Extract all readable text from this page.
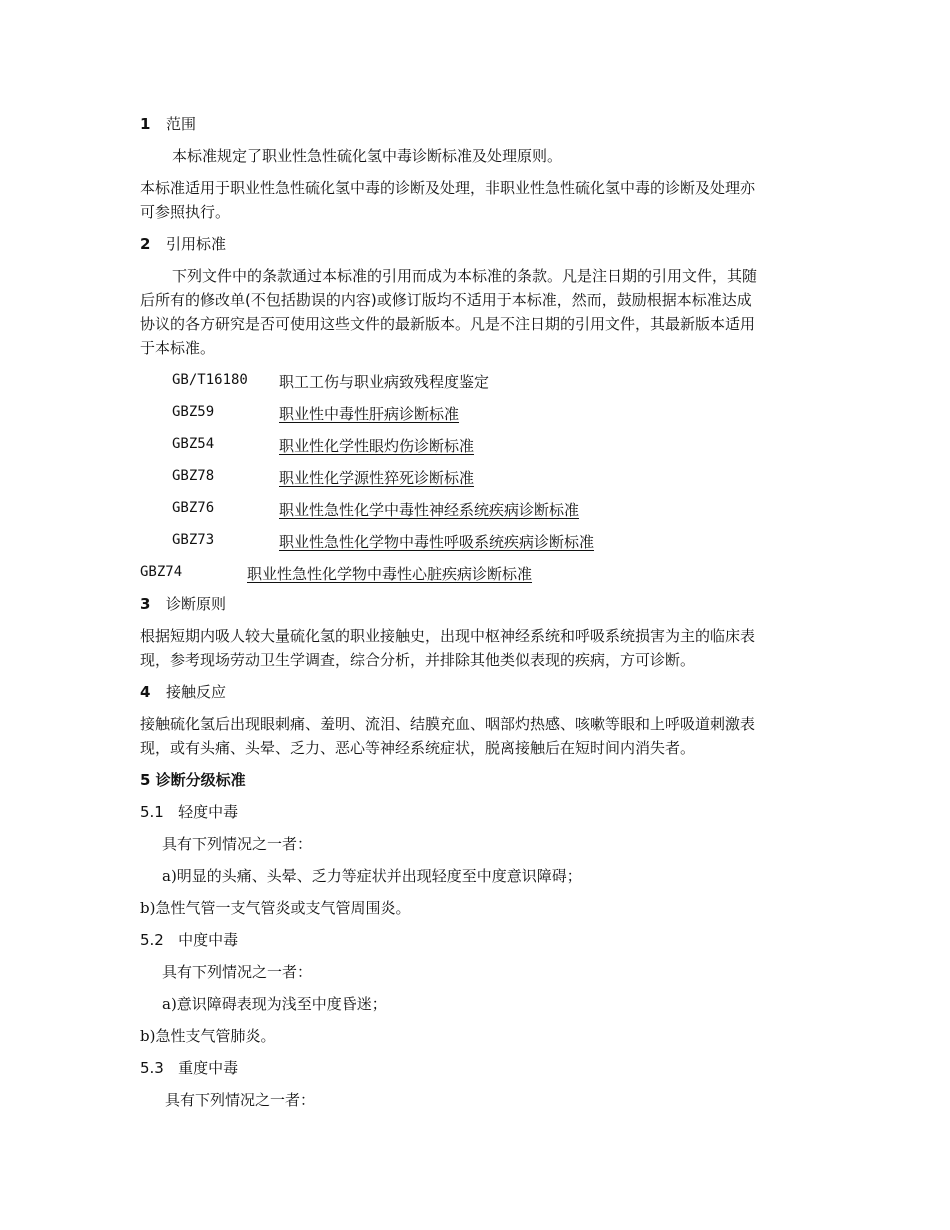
1 范围
本标准规定了职业性急性硫化氢中毒诊断标准及处理原则。
本标准适用于职业性急性硫化氢中毒的诊断及处理，非职业性急性硫化氢中毒的诊断及处理亦
可参照执行。
2 引用标准
下列文件中的条款通过本标准的引用而成为本标准的条款。凡是注日期的引用文件，其随
后所有的修改单(不包括勘误的内容)或修订版均不适用于本标准，然而，鼓励根据本标准达成
协议的各方研究是否可使用这些文件的最新版本。凡是不注日期的引用文件，其最新版本适用
于本标准。
GB/T16180 职工工伤与职业病致残程度鉴定
GBZ59	职业性中毒性肝病诊断标准
GBZ54	职业性化学性眼灼伤诊断标准
GBZ78	职业性化学源性猝死诊断标准
GBZ76	职业性急性化学中毒性神经系统疾病诊断标准
GBZ73	职业性急性化学物中毒性呼吸系统疾病诊断标准
GBZ74	职业性急性化学物中毒性心脏疾病诊断标准
3 诊断原则
根据短期内吸人较大量硫化氢的职业接触史，出现中枢神经系统和呼吸系统损害为主的临床表
现，参考现场劳动卫生学调查，综合分析，并排除其他类似表现的疾病，方可诊断。
4 接触反应
接触硫化氢后出现眼刺痛、羞明、流泪、结膜充血、咽部灼热感、咳嗽等眼和上呼吸道刺激表
现，或有头痛、头晕、乏力、恶心等神经系统症状，脱离接触后在短时间内消失者。
5 诊断分级标准
5.1 轻度中毒
具有下列情况之一者：
a)明显的头痛、头晕、乏力等症状并出现轻度至中度意识障碍；
b)急性气管一支气管炎或支气管周围炎。
5.2 中度中毒
具有下列情况之一者：
a)意识障碍表现为浅至中度昏迷；
b)急性支气管肺炎。
5.3 重度中毒
具有下列情况之一者：
